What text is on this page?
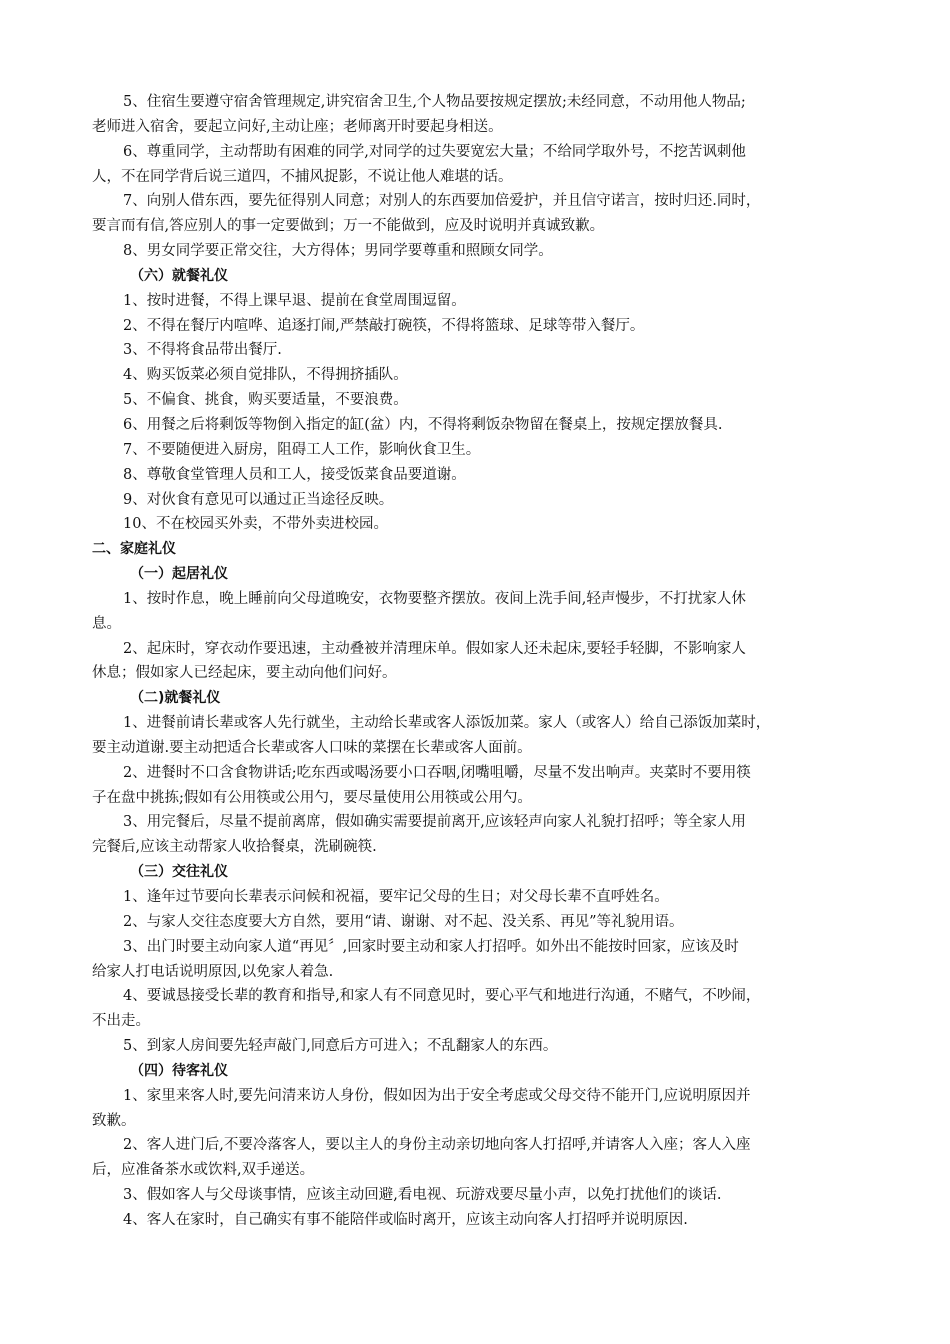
5、住宿生要遵守宿舍管理规定,讲究宿舍卫生,个人物品要按规定摆放;未经同意，不动用他人物品;

老师进入宿舍，要起立问好,主动让座；老师离开时要起身相送。

6、尊重同学，主动帮助有困难的同学,对同学的过失要宽宏大量；不给同学取外号，不挖苦讽刺他

人，不在同学背后说三道四，不捕风捉影，不说让他人难堪的话。

7、向别人借东西，要先征得别人同意；对别人的东西要加倍爱护，并且信守诺言，按时归还.同时，

要言而有信,答应别人的事一定要做到；万一不能做到，应及时说明并真诚致歉。

8、男女同学要正常交往，大方得体；男同学要尊重和照顾女同学。

（六）就餐礼仪

1、按时进餐，不得上课早退、提前在食堂周围逗留。

2、不得在餐厅内喧哗、追逐打闹,严禁敲打碗筷，不得将篮球、足球等带入餐厅。

3、不得将食品带出餐厅.

4、购买饭菜必须自觉排队，不得拥挤插队。

5、不偏食、挑食，购买要适量，不要浪费。

6、用餐之后将剩饭等物倒入指定的缸(盆）内，不得将剩饭杂物留在餐桌上，按规定摆放餐具.

7、不要随便进入厨房，阻碍工人工作，影响伙食卫生。

8、尊敬食堂管理人员和工人，接受饭菜食品要道谢。

9、对伙食有意见可以通过正当途径反映。

10、不在校园买外卖，不带外卖进校园。

二、家庭礼仪

（一）起居礼仪

1、按时作息，晚上睡前向父母道晚安，衣物要整齐摆放。夜间上洗手间,轻声慢步，不打扰家人休

息。

2、起床时，穿衣动作要迅速，主动叠被并清理床单。假如家人还未起床,要轻手轻脚，不影响家人

休息；假如家人已经起床，要主动向他们问好。

（二)就餐礼仪

1、进餐前请长辈或客人先行就坐，主动给长辈或客人添饭加菜。家人（或客人）给自己添饭加菜时，

要主动道谢.要主动把适合长辈或客人口味的菜摆在长辈或客人面前。

2、进餐时不口含食物讲话;吃东西或喝汤要小口吞咽,闭嘴咀嚼，尽量不发出响声。夹菜时不要用筷

子在盘中挑拣;假如有公用筷或公用勺，要尽量使用公用筷或公用勺。

3、用完餐后，尽量不提前离席，假如确实需要提前离开,应该轻声向家人礼貌打招呼；等全家人用

完餐后,应该主动帮家人收拾餐桌，洗刷碗筷.

（三）交往礼仪

1、逢年过节要向长辈表示问候和祝福，要牢记父母的生日；对父母长辈不直呼姓名。

2、与家人交往态度要大方自然，要用“请、谢谢、对不起、没关系、再见”等礼貌用语。

3、出门时要主动向家人道“再见〞,回家时要主动和家人打招呼。如外出不能按时回家，应该及时

给家人打电话说明原因,以免家人着急.

4、要诚恳接受长辈的教育和指导,和家人有不同意见时，要心平气和地进行沟通，不赌气，不吵闹，

不出走。

5、到家人房间要先轻声敲门,同意后方可进入；不乱翻家人的东西。

（四）待客礼仪

1、家里来客人时,要先问清来访人身份，假如因为出于安全考虑或父母交待不能开门,应说明原因并

致歉。

2、客人进门后,不要冷落客人，要以主人的身份主动亲切地向客人打招呼,并请客人入座；客人入座

后，应准备茶水或饮料,双手递送。

3、假如客人与父母谈事情，应该主动回避,看电视、玩游戏要尽量小声，以免打扰他们的谈话.

4、客人在家时，自己确实有事不能陪伴或临时离开，应该主动向客人打招呼并说明原因.
